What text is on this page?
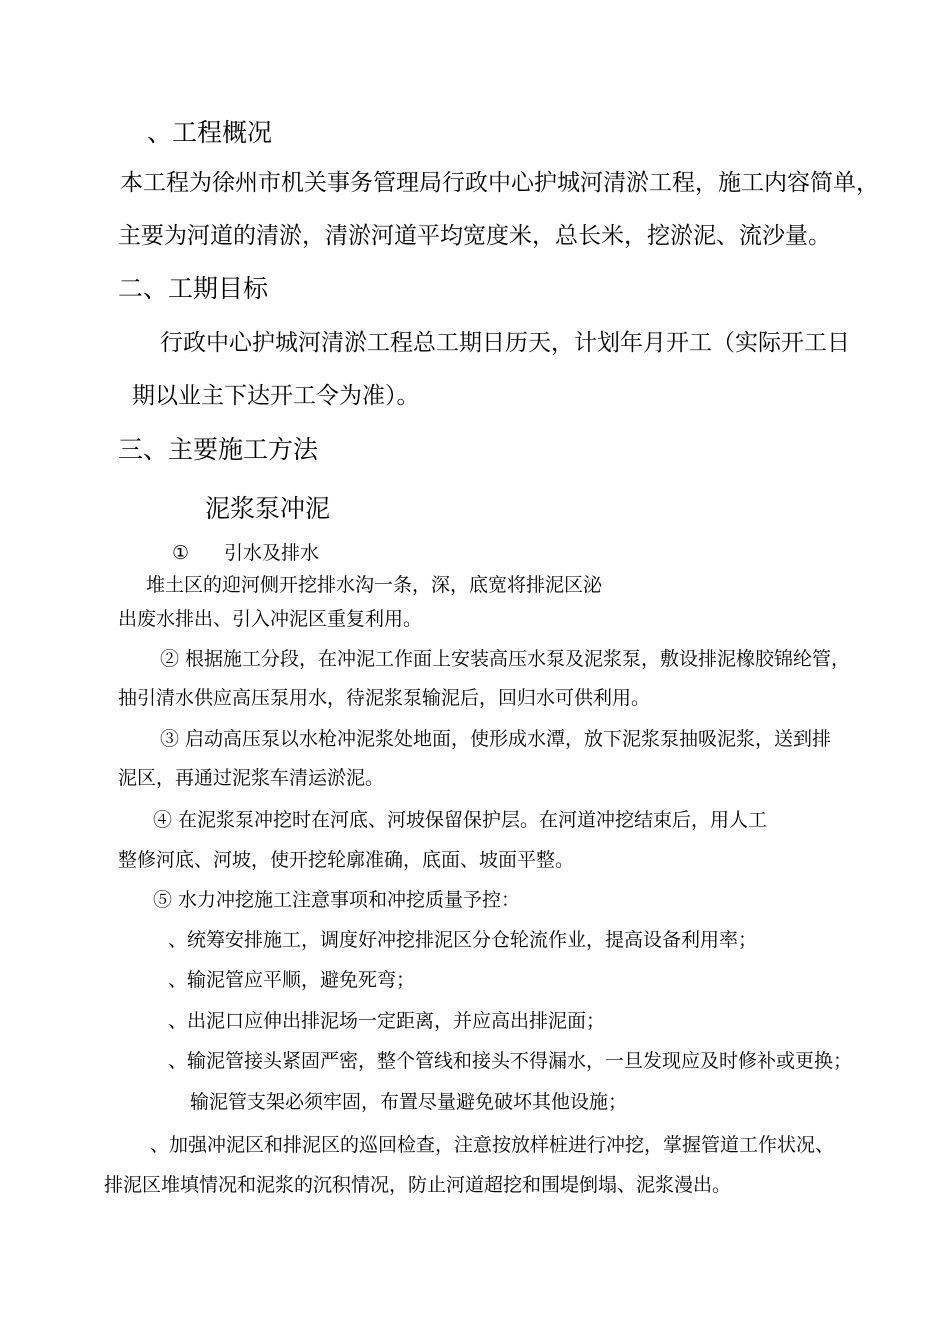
、工程概况
本工程为徐州市机关事务管理局行政中心护城河清淤工程，施工内容简单，
主要为河道的清淤，清淤河道平均宽度米，总长米，挖淤泥、流沙量。
二、工期目标
行政中心护城河清淤工程总工期日历天，计划年月开工（实际开工日
期以业主下达开工令为准）。
三、主要施工方法
泥浆泵冲泥
① 引水及排水
堆土区的迎河侧开挖排水沟一条，深，底宽将排泥区泌
出废水排出、引入冲泥区重复利用。
② 根据施工分段，在冲泥工作面上安装高压水泵及泥浆泵，敷设排泥橡胶锦纶管，
抽引清水供应高压泵用水，待泥浆泵输泥后，回归水可供利用。
③ 启动高压泵以水枪冲泥浆处地面，使形成水潭，放下泥浆泵抽吸泥浆，送到排
泥区，再通过泥浆车清运淤泥。
④ 在泥浆泵冲挖时在河底、河坡保留保护层。在河道冲挖结束后，用人工
整修河底、河坡，使开挖轮廓准确，底面、坡面平整。
⑤ 水力冲挖施工注意事项和冲挖质量予控：
、统筹安排施工，调度好冲挖排泥区分仓轮流作业，提高设备利用率；
、输泥管应平顺，避免死弯；
、出泥口应伸出排泥场一定距离，并应高出排泥面；
、输泥管接头紧固严密，整个管线和接头不得漏水，一旦发现应及时修补或更换；
输泥管支架必须牢固，布置尽量避免破坏其他设施；
、加强冲泥区和排泥区的巡回检查，注意按放样桩进行冲挖，掌握管道工作状况、
排泥区堆填情况和泥浆的沉积情况，防止河道超挖和围堤倒塌、泥浆漫出。
